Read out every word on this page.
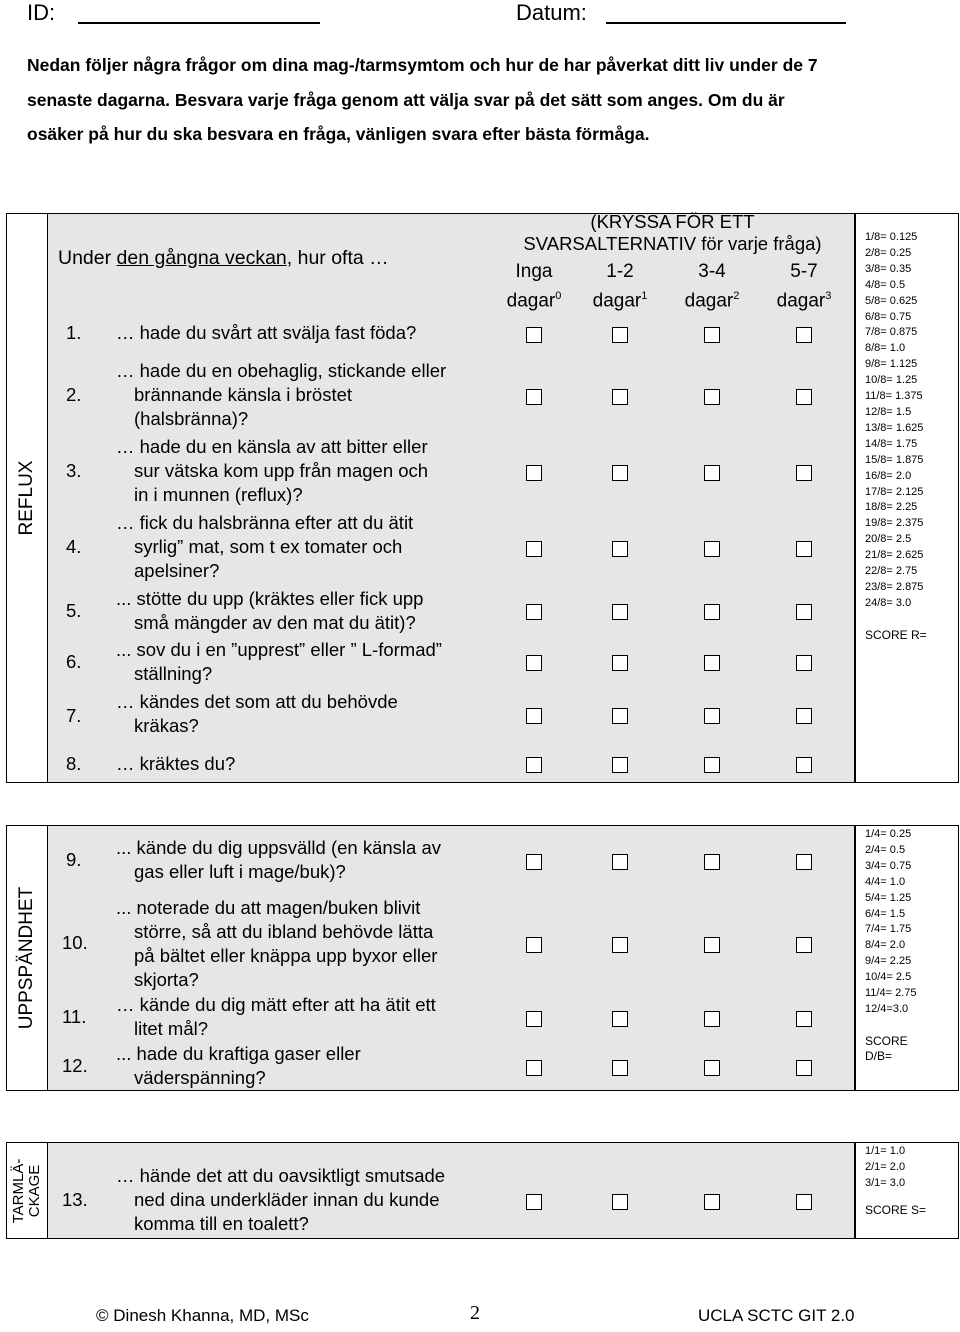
ID:	Datum:
Nedan följer några frågor om dina mag-/tarmsymtom och hur de har påverkat ditt liv under de 7 senaste dagarna. Besvara varje fråga genom att välja svar på det sätt som anges. Om du är osäker på hur du ska besvara en fråga, vänligen svara efter bästa förmåga.
REFLUX
1/8= 0.125
2/8= 0.25
3/8= 0.35
4/8= 0.5
5/8= 0.625
6/8= 0.75
7/8= 0.875
8/8= 1.0
9/8= 1.125
10/8= 1.25
11/8= 1.375
12/8= 1.5
13/8= 1.625
14/8= 1.75
15/8= 1.875
16/8= 2.0
17/8= 2.125
18/8= 2.25
19/8= 2.375
20/8= 2.5
21/8= 2.625
22/8= 2.75
23/8= 2.875
24/8= 3.0
SCORE R=
Under den gångna veckan, hur ofta …
(KRYSSA FÖR ETT
SVARSALTERNATIV för varje fråga)
Inga
dagar$^0$
1-2
dagar$^1$
3-4
dagar$^2$
5-7
dagar$^3$
UPPSPÄNDHET
1/4= 0.25
2/4= 0.5
3/4= 0.75
4/4= 1.0
5/4= 1.25
6/4= 1.5
7/4= 1.75
8/4= 2.0
9/4= 2.25
10/4= 2.5
11/4= 2.75
12/4=3.0
SCORE
D/B=
TARMLÄ- CKAGE
1/1= 1.0
2/1= 2.0
3/1= 3.0
SCORE S=
1. … hade du svårt att svälja fast föda?
2.
… hade du en obehaglig, stickande eller
brännande känsla i bröstet
(halsbränna)?
3.
… hade du en känsla av att bitter eller
sur vätska kom upp från magen och
in i munnen (reflux)?
4.
… fick du halsbränna efter att du ätit
syrlig” mat, som t ex tomater och
apelsiner?
5.
... stötte du upp (kräktes eller fick upp
små mängder av den mat du ätit)?
6.
... sov du i en ”upprest” eller ” L-formad”
ställning?
7.
… kändes det som att du behövde
kräkas?
8. … kräktes du?
9.
... kände du dig uppsvälld (en känsla av
gas eller luft i mage/buk)?
10.
... noterade du att magen/buken blivit
större, så att du ibland behövde lätta
på bältet eller knäppa upp byxor eller
skjorta?
11.
… kände du dig mätt efter att ha ätit ett
litet mål?
12.
... hade du kraftiga gaser eller
väderspänning?
13.
… hände det att du oavsiktligt smutsade
ned dina underkläder innan du kunde
komma till en toalett?
© Dinesh Khanna, MD, MSc	2	UCLA SCTC GIT 2.0
